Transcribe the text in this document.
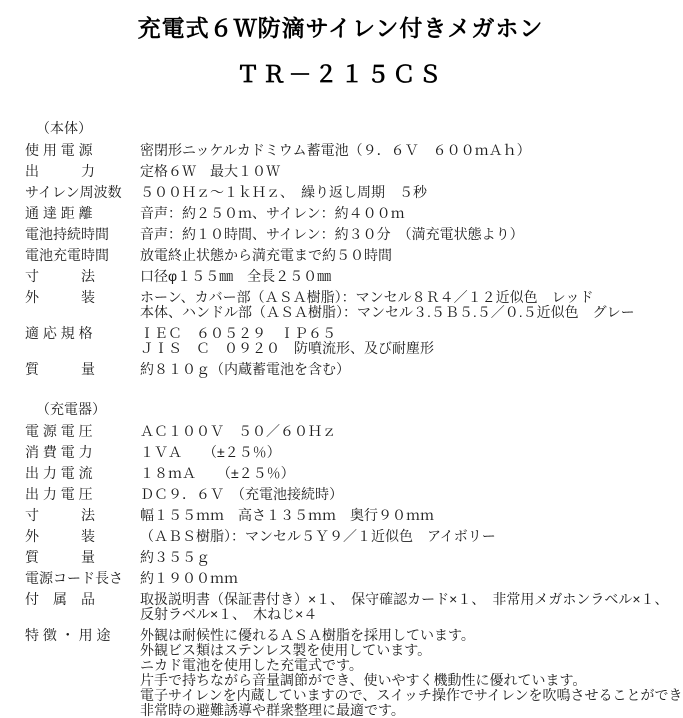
充電式６Ｗ防滴サイレン付きメガホン
ＴＲ－２１５ＣＳ
（本体）
使 用 電 源	密閉形ニッケルカドミウム蓄電池（９．６Ｖ　６００ｍＡｈ）
出　　　力	定格６Ｗ　最大１０Ｗ
サイレン周波数 ５００Ｈｚ～１ｋＨｚ、　繰り返し周期　５秒
通 達 距 離	音声：約２５０ｍ、サイレン：約４００ｍ
電池持続時間	音声：約１０時間、サイレン：約３０分　（満充電状態より）
電池充電時間	放電終止状態から満充電まで約５０時間
寸　　　法	口径φ１５５㎜　全長２５０㎜
外　　　装	ホーン、カバー部（ＡＳＡ樹脂）：マンセル８Ｒ４／１２近似色　レッド
本体、ハンドル部（ＡＳＡ樹脂）：マンセル３.５Ｂ５.５／０.５近似色　グレー
適 応 規 格	ＩＥＣ　６０５２９　ＩＰ６５
ＪＩＳ　Ｃ　０９２０　防噴流形、及び耐塵形
質　　　量	約８１０ｇ（内蔵蓄電池を含む）
（充電器）
電 源 電 圧	ＡＣ１００Ｖ　５０／６０Ｈｚ
消 費 電 力	１ＶＡ　　（±２５％）
出 力 電 流	１８ｍＡ　　（±２５％）
出 力 電 圧	ＤＣ９．６Ｖ　（充電池接続時）
寸　　　法	幅１５５ｍｍ　高さ１３５ｍｍ　奥行９０ｍｍ
外　　　装	（ＡＢＳ樹脂）：マンセル５Ｙ９／１近似色　アイボリー
質　　　量	約３５５ｇ
電源コード長さ 約１９００ｍｍ
付　属　品	取扱説明書（保証書付き）×１、　保守確認カード×１、　非常用メガホンラベル×１、
反射ラベル×１、　木ねじ×４
特 徴 ・ 用 途	外観は耐候性に優れるＡＳＡ樹脂を採用しています。
外観ビス類はステンレス製を使用しています。
ニカド電池を使用した充電式です。
片手で持ちながら音量調節ができ、使いやすく機動性に優れています。
電子サイレンを内蔵していますので、スイッチ操作でサイレンを吹鳴させることができ
非常時の避難誘導や群衆整理に最適です。
